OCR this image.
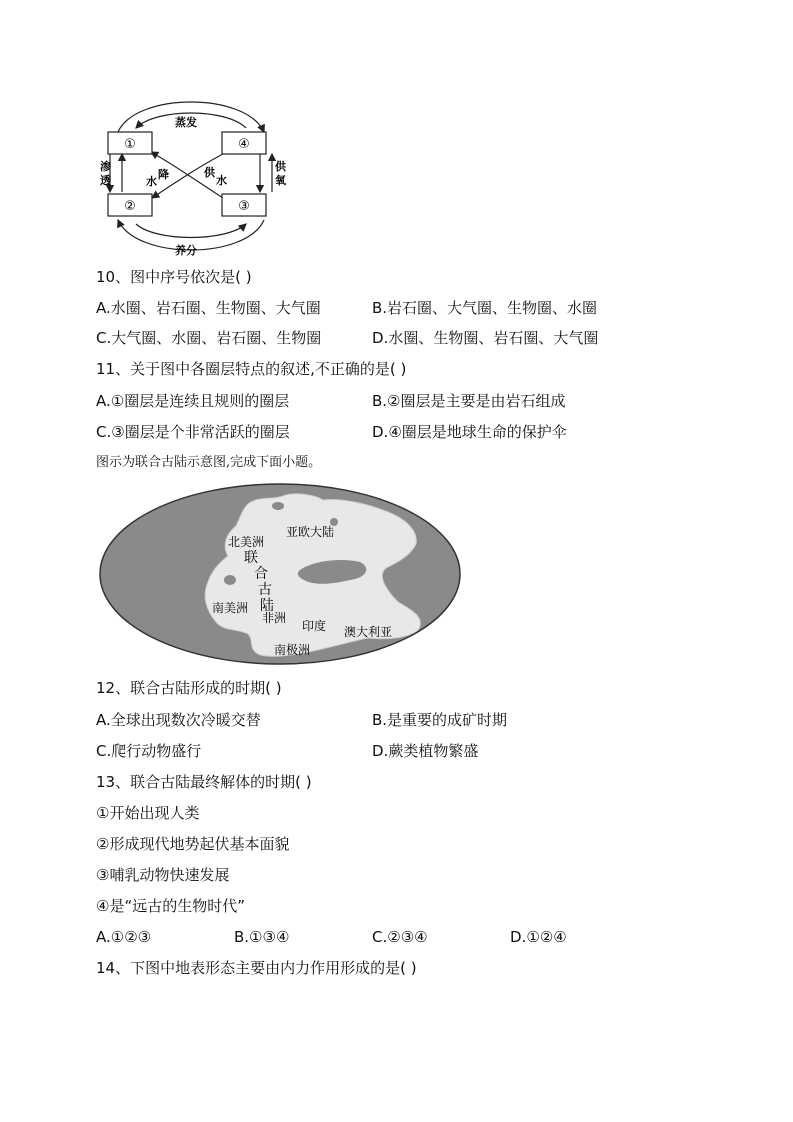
①	④
②	③
蒸发
养分
渗
透
供
氧
水
降	供
水
10、图中序号依次是( )
A.水圈、岩石圈、生物圈、大气圈	B.岩石圈、大气圈、生物圈、水圈
C.大气圈、水圈、岩石圈、生物圈	D.水圈、生物圈、岩石圈、大气圈
11、关于图中各圈层特点的叙述,不正确的是( )
A.①圈层是连续且规则的圈层	B.②圈层是主要是由岩石组成
C.③圈层是个非常活跃的圈层	D.④圈层是地球生命的保护伞
图示为联合古陆示意图,完成下面小题。
北美洲
亚欧大陆
联
合
古
陆
南美洲
非洲
印度 澳大利亚
南极洲
12、联合古陆形成的时期( )
A.全球出现数次冷暖交替	B.是重要的成矿时期
C.爬行动物盛行	D.蕨类植物繁盛
13、联合古陆最终解体的时期( )
①开始出现人类
②形成现代地势起伏基本面貌
③哺乳动物快速发展
④是“远古的生物时代”
A.①②③	B.①③④	C.②③④	D.①②④
14、下图中地表形态主要由内力作用形成的是( )
